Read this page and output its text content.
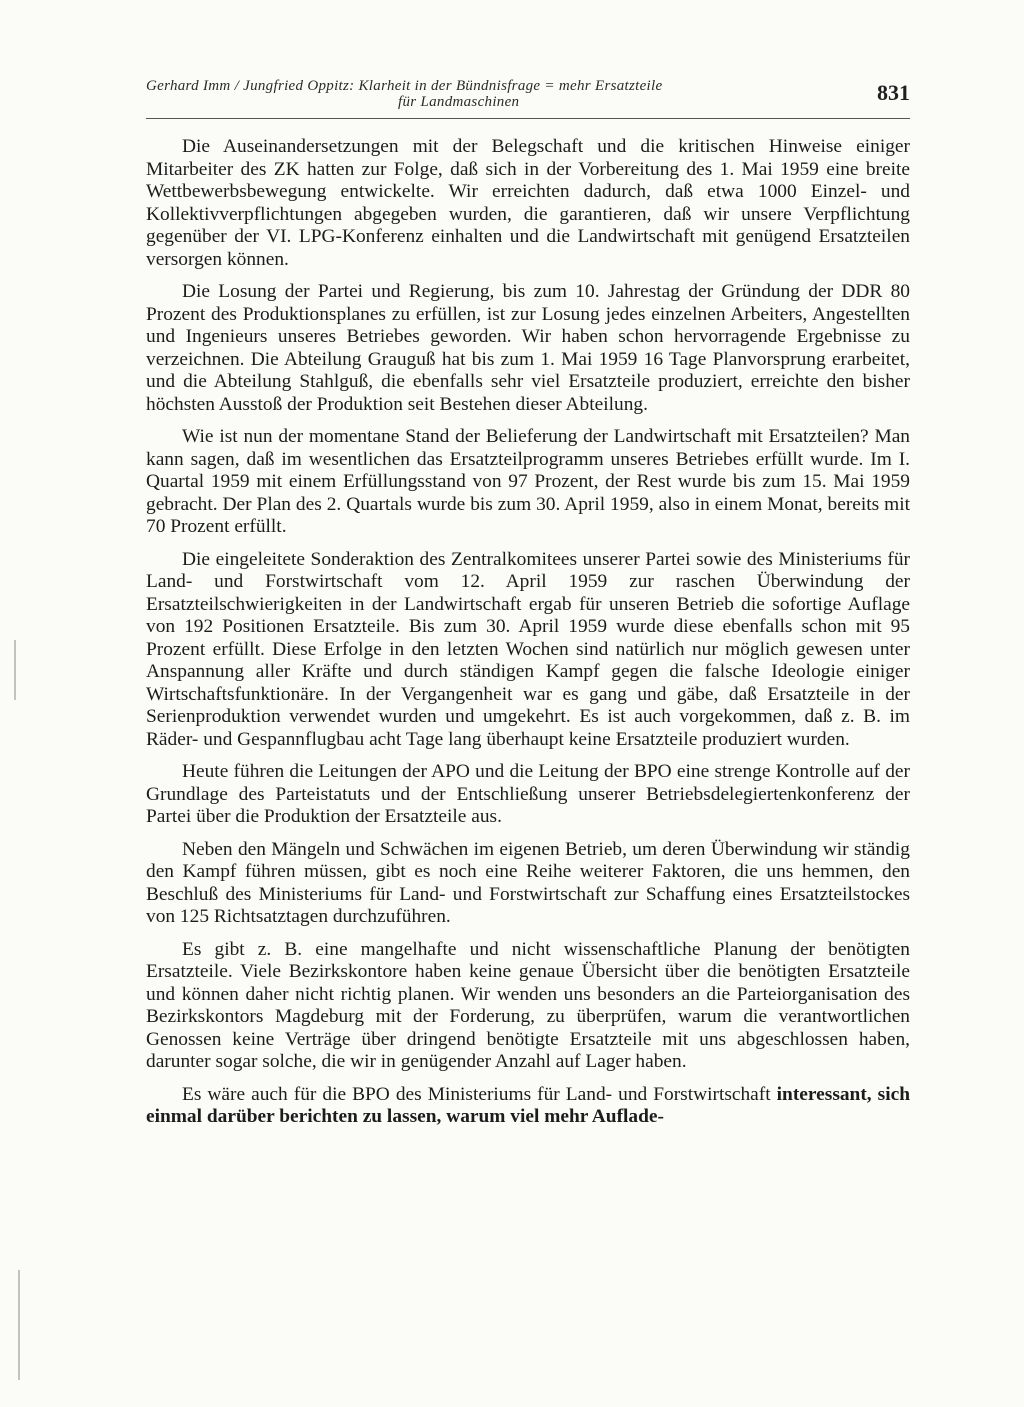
Gerhard Imm / Jungfried Oppitz: Klarheit in der Bündnisfrage = mehr Ersatzteile
für Landmaschinen	831

Die Auseinandersetzungen mit der Belegschaft und die kritischen Hinweise einiger Mitarbeiter des ZK hatten zur Folge, daß sich in der Vorbereitung des 1. Mai 1959 eine breite Wettbewerbsbewegung entwickelte. Wir erreichten dadurch, daß etwa 1000 Einzel- und Kollektivverpflichtungen abgegeben wurden, die garantieren, daß wir unsere Verpflichtung gegenüber der VI. LPG-Konferenz einhalten und die Landwirtschaft mit genügend Ersatzteilen versorgen können.

Die Losung der Partei und Regierung, bis zum 10. Jahrestag der Gründung der DDR 80 Prozent des Produktionsplanes zu erfüllen, ist zur Losung jedes einzelnen Arbeiters, Angestellten und Ingenieurs unseres Betriebes geworden. Wir haben schon hervorragende Ergebnisse zu verzeichnen. Die Abteilung Grauguß hat bis zum 1. Mai 1959 16 Tage Planvorsprung erarbeitet, und die Abteilung Stahlguß, die ebenfalls sehr viel Ersatzteile produziert, erreichte den bisher höchsten Ausstoß der Produktion seit Bestehen dieser Abteilung.

Wie ist nun der momentane Stand der Belieferung der Landwirtschaft mit Ersatzteilen? Man kann sagen, daß im wesentlichen das Ersatzteilprogramm unseres Betriebes erfüllt wurde. Im I. Quartal 1959 mit einem Erfüllungsstand von 97 Prozent, der Rest wurde bis zum 15. Mai 1959 gebracht. Der Plan des 2. Quartals wurde bis zum 30. April 1959, also in einem Monat, bereits mit 70 Prozent erfüllt.

Die eingeleitete Sonderaktion des Zentralkomitees unserer Partei sowie des Ministeriums für Land- und Forstwirtschaft vom 12. April 1959 zur raschen Überwindung der Ersatzteilschwierigkeiten in der Landwirtschaft ergab für unseren Betrieb die sofortige Auflage von 192 Positionen Ersatzteile. Bis zum 30. April 1959 wurde diese ebenfalls schon mit 95 Prozent erfüllt. Diese Erfolge in den letzten Wochen sind natürlich nur möglich gewesen unter Anspannung aller Kräfte und durch ständigen Kampf gegen die falsche Ideologie einiger Wirtschaftsfunktionäre. In der Vergangenheit war es gang und gäbe, daß Ersatzteile in der Serienproduktion verwendet wurden und umgekehrt. Es ist auch vorgekommen, daß z. B. im Räder- und Gespannflugbau acht Tage lang überhaupt keine Ersatzteile produziert wurden.

Heute führen die Leitungen der APO und die Leitung der BPO eine strenge Kontrolle auf der Grundlage des Parteistatuts und der Entschließung unserer Betriebsdelegiertenkonferenz der Partei über die Produktion der Ersatzteile aus.

Neben den Mängeln und Schwächen im eigenen Betrieb, um deren Überwindung wir ständig den Kampf führen müssen, gibt es noch eine Reihe weiterer Faktoren, die uns hemmen, den Beschluß des Ministeriums für Land- und Forstwirtschaft zur Schaffung eines Ersatzteilstockes von 125 Richtsatztagen durchzuführen.

Es gibt z. B. eine mangelhafte und nicht wissenschaftliche Planung der benötigten Ersatzteile. Viele Bezirkskontore haben keine genaue Übersicht über die benötigten Ersatzteile und können daher nicht richtig planen. Wir wenden uns besonders an die Parteiorganisation des Bezirkskontors Magdeburg mit der Forderung, zu überprüfen, warum die verantwortlichen Genossen keine Verträge über dringend benötigte Ersatzteile mit uns abgeschlossen haben, darunter sogar solche, die wir in genügender Anzahl auf Lager haben.

Es wäre auch für die BPO des Ministeriums für Land- und Forstwirtschaft interessant, sich einmal darüber berichten zu lassen, warum viel mehr Auflade-
